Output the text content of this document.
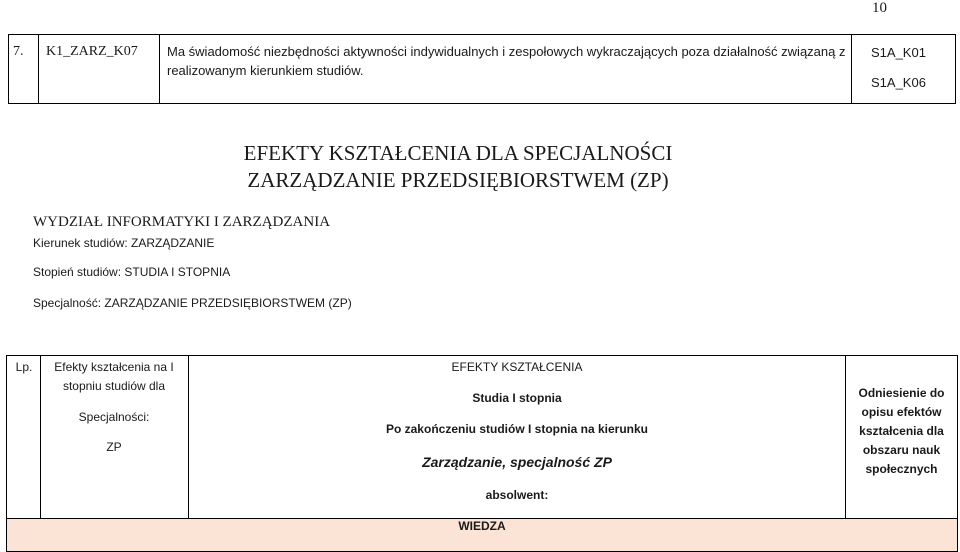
10
7. K1_ZARZ_K07 Ma świadomość niezbędności aktywności indywidualnych i zespołowych wykraczających poza działalność związaną z realizowanym kierunkiem studiów.
S1A_K01
S1A_K06
EFEKTY KSZTAŁCENIA DLA SPECJALNOŚCI
ZARZĄDZANIE PRZEDSIĘBIORSTWEM (ZP)
WYDZIAŁ INFORMATYKI I ZARZĄDZANIA
Kierunek studiów: ZARZĄDZANIE
Stopień studiów: STUDIA I STOPNIA
Specjalność: ZARZĄDZANIE PRZEDSIĘBIORSTWEM (ZP)
Lp.	Efekty kształcenia na I
stopniu studiów dla
Specjalności:
ZP
EFEKTY KSZTAŁCENIA
Studia I stopnia
Po zakończeniu studiów I stopnia na kierunku
Zarządzanie, specjalność ZP
absolwent:
Odniesienie do
opisu efektów
kształcenia dla
obszaru nauk
społecznych
WIEDZA
